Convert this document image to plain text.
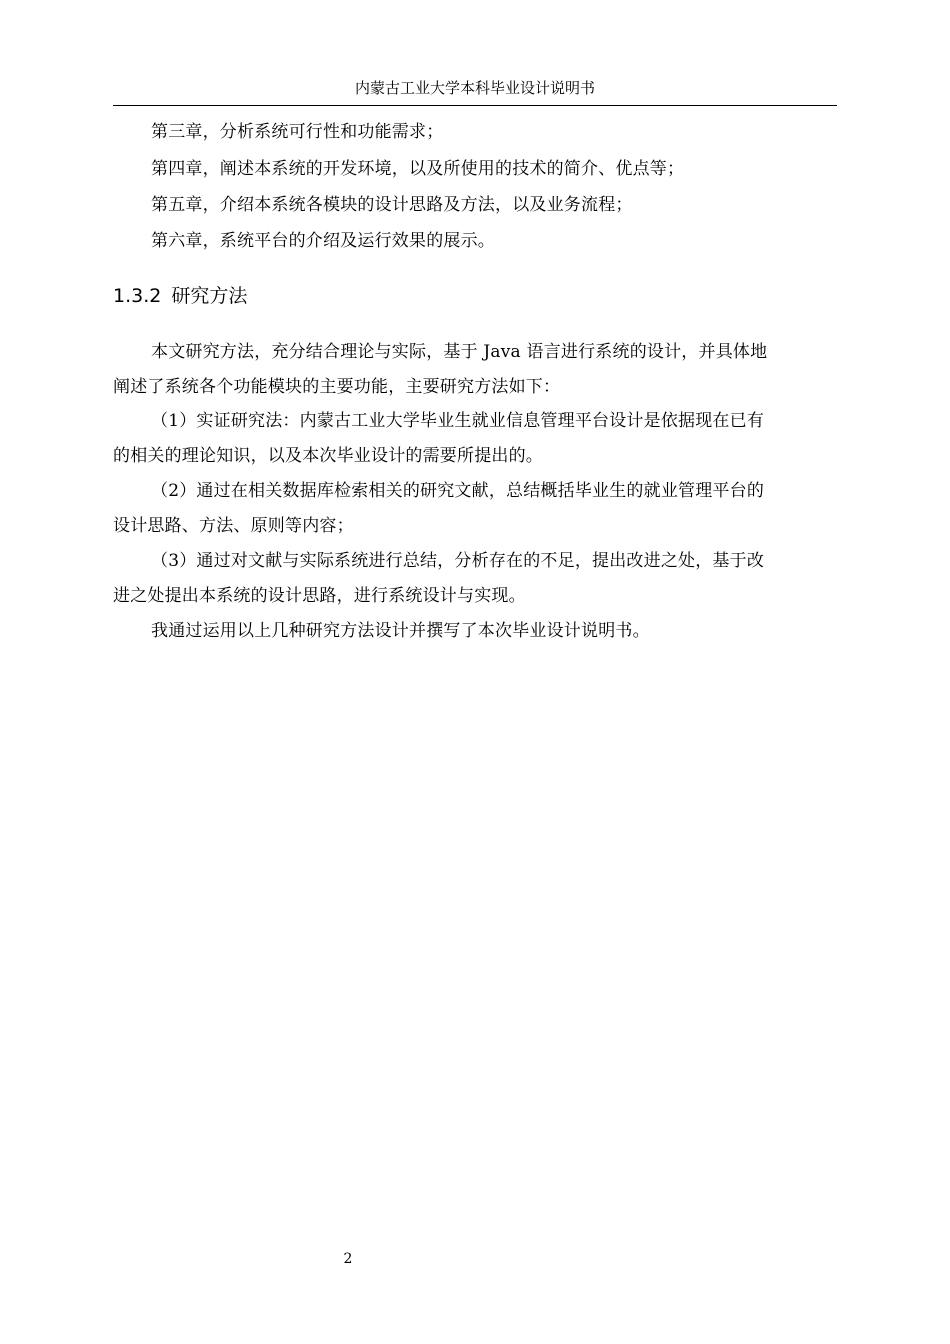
内蒙古工业大学本科毕业设计说明书

第三章，分析系统可行性和功能需求；

第四章，阐述本系统的开发环境，以及所使用的技术的简介、优点等；

第五章，介绍本系统各模块的设计思路及方法，以及业务流程；

第六章，系统平台的介绍及运行效果的展示。

1.3.2 研究方法

本文研究方法，充分结合理论与实际，基于 Java 语言进行系统的设计，并具体地

阐述了系统各个功能模块的主要功能，主要研究方法如下：

（1）实证研究法：内蒙古工业大学毕业生就业信息管理平台设计是依据现在已有

的相关的理论知识，以及本次毕业设计的需要所提出的。

（2）通过在相关数据库检索相关的研究文献，总结概括毕业生的就业管理平台的

设计思路、方法、原则等内容；

（3）通过对文献与实际系统进行总结，分析存在的不足，提出改进之处，基于改

进之处提出本系统的设计思路，进行系统设计与实现。

我通过运用以上几种研究方法设计并撰写了本次毕业设计说明书。

2
